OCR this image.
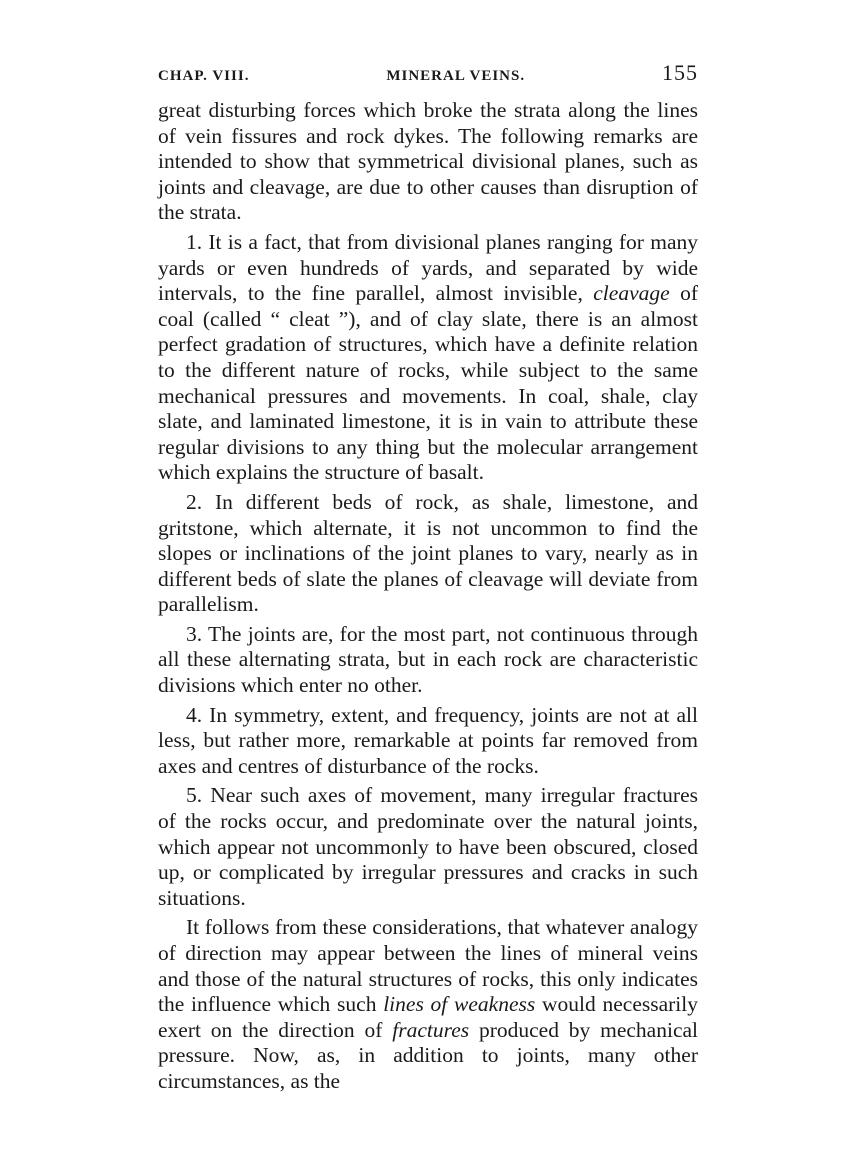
CHAP. VIII.	MINERAL VEINS.	155

great disturbing forces which broke the strata along the lines of vein fissures and rock dykes. The following remarks are intended to show that symmetrical divisional planes, such as joints and cleavage, are due to other causes than disruption of the strata.

1. It is a fact, that from divisional planes ranging for many yards or even hundreds of yards, and separated by wide intervals, to the fine parallel, almost invisible, cleavage of coal (called “ cleat ”), and of clay slate, there is an almost perfect gradation of structures, which have a definite relation to the different nature of rocks, while subject to the same mechanical pressures and movements. In coal, shale, clay slate, and laminated limestone, it is in vain to attribute these regular divisions to any thing but the molecular arrangement which explains the structure of basalt.

2. In different beds of rock, as shale, limestone, and gritstone, which alternate, it is not uncommon to find the slopes or inclinations of the joint planes to vary, nearly as in different beds of slate the planes of cleavage will deviate from parallelism.

3. The joints are, for the most part, not continuous through all these alternating strata, but in each rock are characteristic divisions which enter no other.

4. In symmetry, extent, and frequency, joints are not at all less, but rather more, remarkable at points far removed from axes and centres of disturbance of the rocks.

5. Near such axes of movement, many irregular fractures of the rocks occur, and predominate over the natural joints, which appear not uncommonly to have been obscured, closed up, or complicated by irregular pressures and cracks in such situations.

It follows from these considerations, that whatever analogy of direction may appear between the lines of mineral veins and those of the natural structures of rocks, this only indicates the influence which such lines of weakness would necessarily exert on the direction of fractures produced by mechanical pressure. Now, as, in addition to joints, many other circumstances, as the
